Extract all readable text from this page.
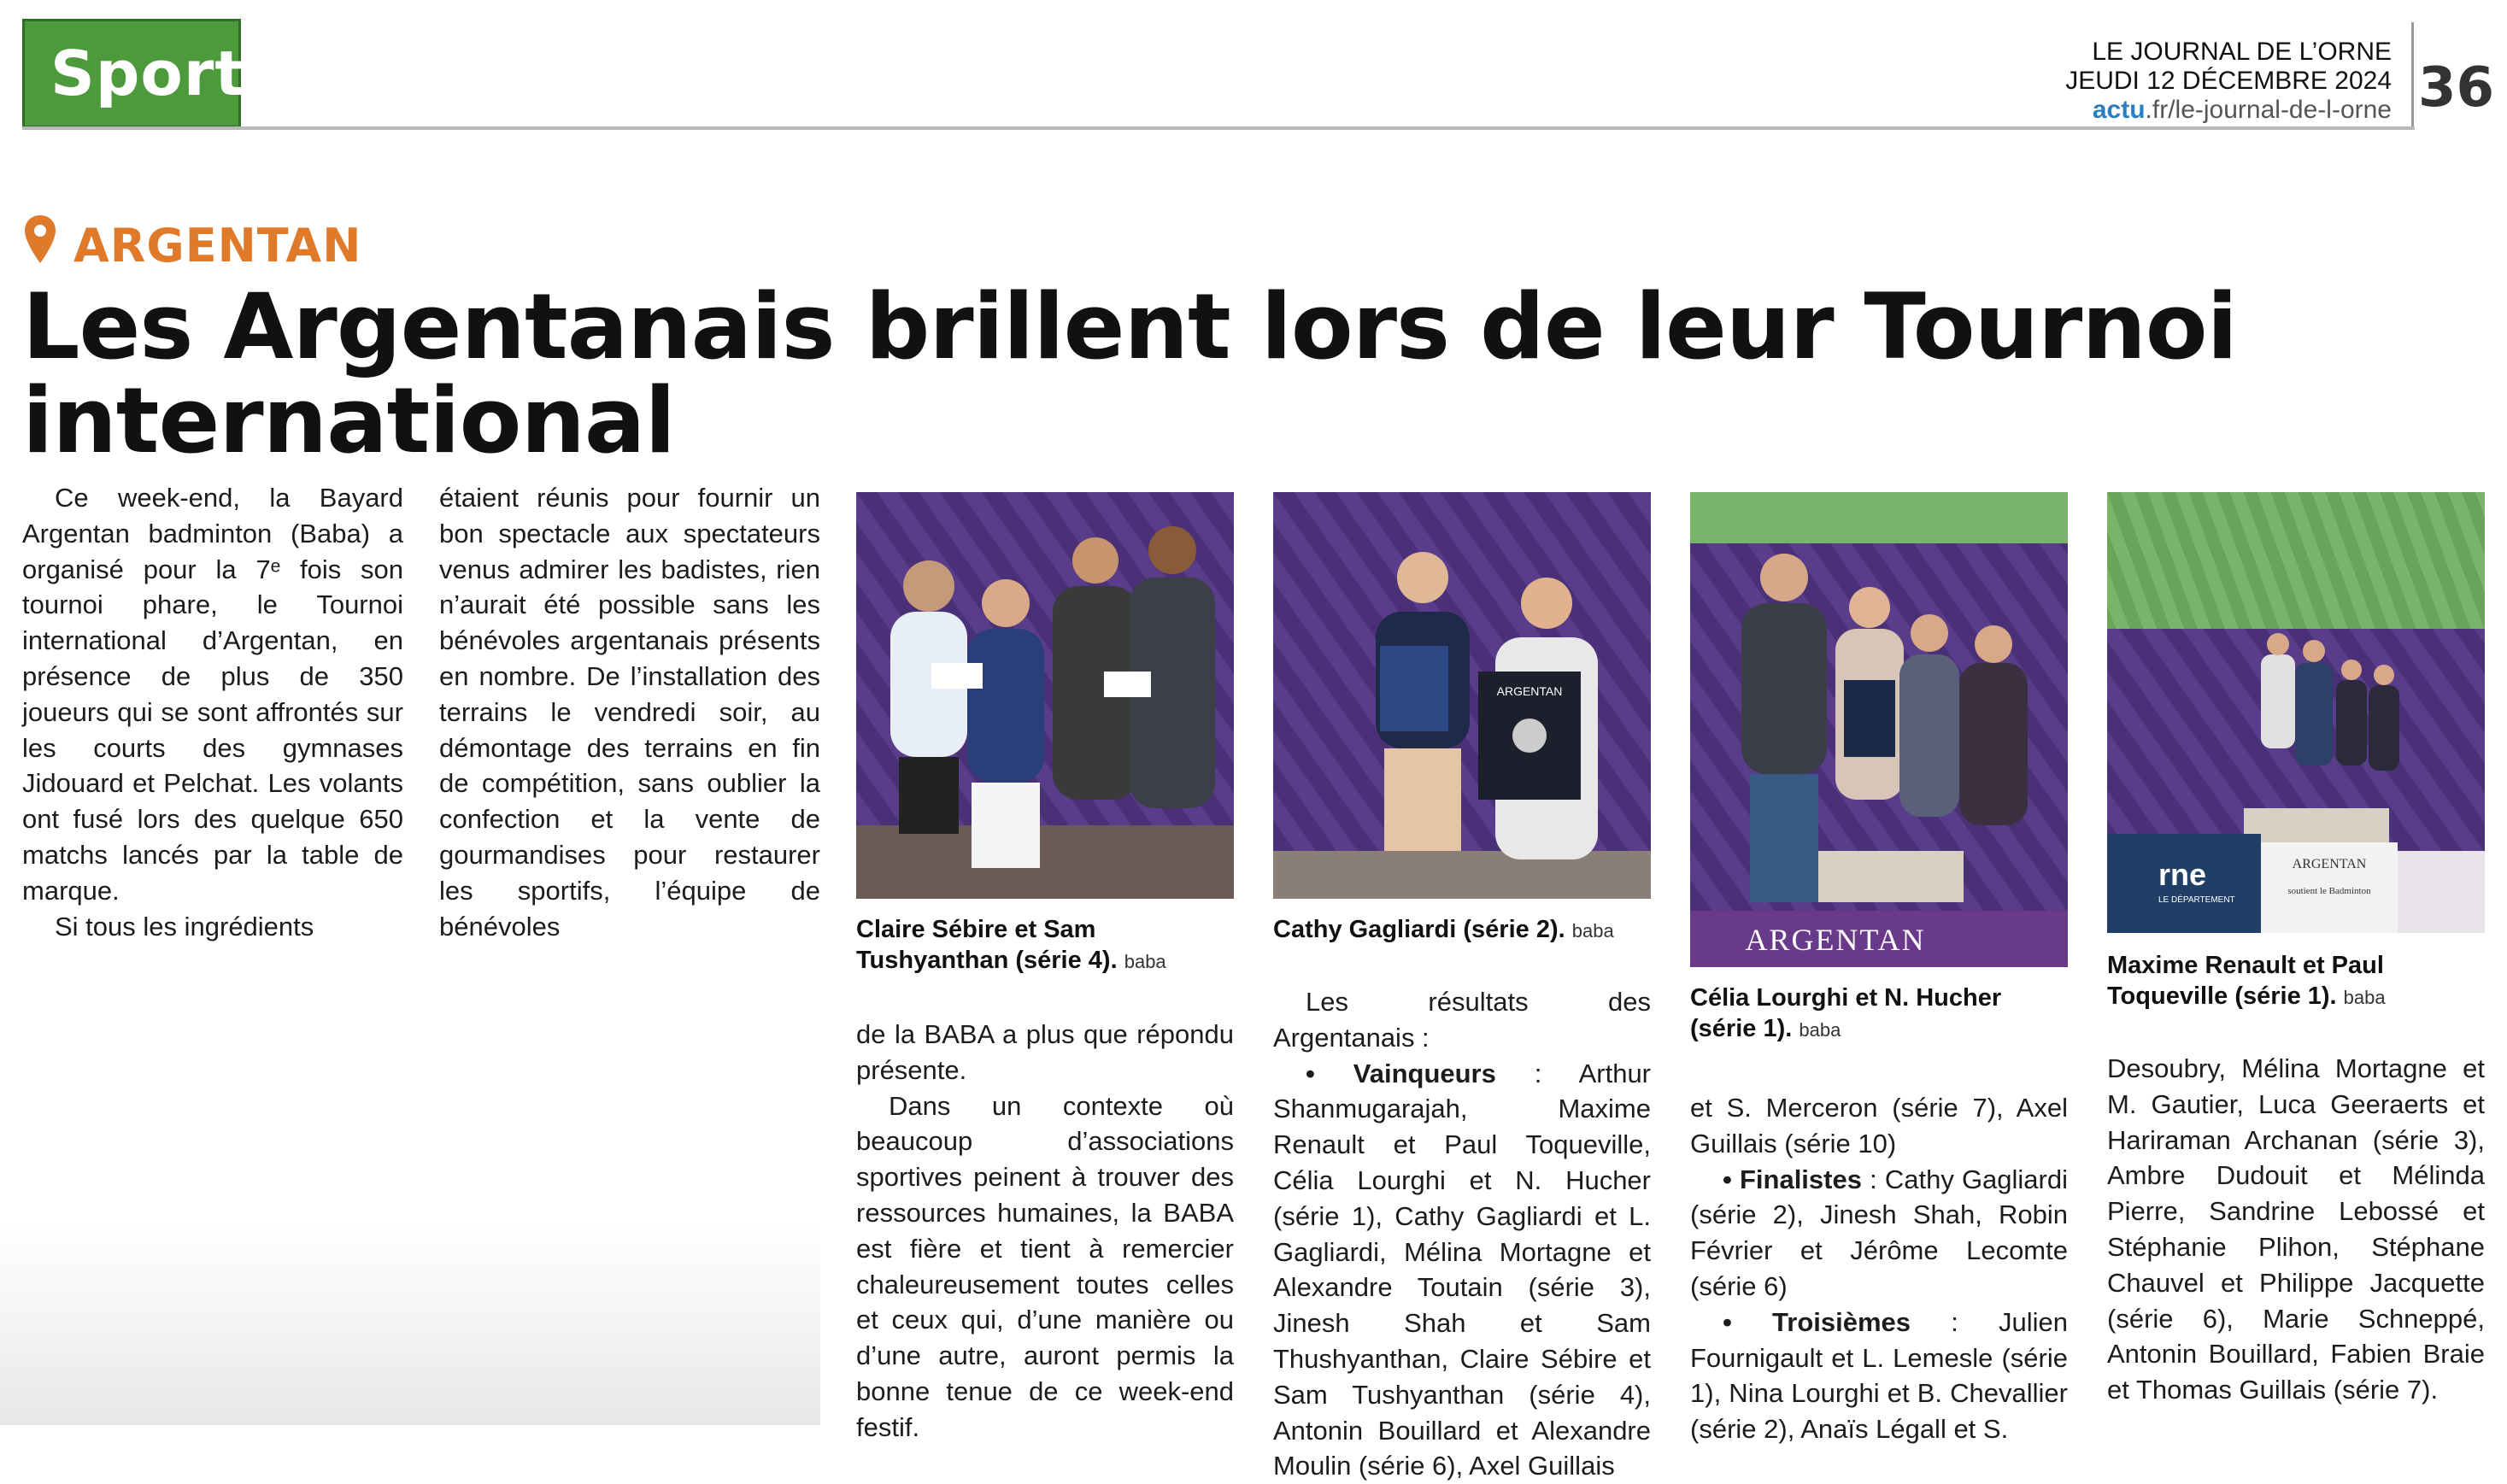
Sport	LE JOURNAL DE L’ORNE
JEUDI 12 DÉCEMBRE 2024
actu.fr/le-journal-de-l-orne 36
ARGENTAN
Les Argentanais brillent lors de leur Tournoi international

Ce week-end, la Bayard Argentan badminton (Baba) a organisé pour la 7ᵉ fois son tournoi phare, le Tournoi international d’Argentan, en présence de plus de 350 joueurs qui se sont affrontés sur les courts des gymnases Jidouard et Pelchat. Les volants ont fusé lors des quelque 650 matchs lancés par la table de marque.

Si tous les ingrédients

étaient réunis pour fournir un bon spectacle aux spectateurs venus admirer les badistes, rien n’aurait été possible sans les bénévoles argentanais présents en nombre. De l’installation des terrains le vendredi soir, au démontage des terrains en fin de compétition, sans oublier la confection et la vente de gourmandises pour restaurer les sportifs, l’équipe de bénévoles	Claire Sébire et Sam Tushyanthan (série 4). baba

de la BABA a plus que répondu présente.

Dans un contexte où beaucoup d’associations sportives peinent à trouver des ressources humaines, la BABA est fière et tient à remercier chaleureusement toutes celles et ceux qui, d’une manière ou d’une autre, auront permis la bonne tenue de ce week-end festif.

ARGENTAN
Cathy Gagliardi (série 2). baba

Les résultats des Argentanais :

• Vainqueurs : Arthur Shanmugarajah, Maxime Renault et Paul Toqueville, Célia Lourghi et N. Hucher (série 1), Cathy Gagliardi et L. Gagliardi, Mélina Mortagne et Alexandre Toutain (série 3), Jinesh Shah et Sam Thushyanthan, Claire Sébire et Sam Tushyanthan (série 4), Antonin Bouillard et Alexandre Moulin (série 6), Axel Guillais

ARGENTAN
Célia Lourghi et N. Hucher (série 1). baba

et S. Merceron (série 7), Axel Guillais (série 10)

• Finalistes : Cathy Gagliardi (série 2), Jinesh Shah, Robin Février et Jérôme Lecomte (série 6)

• Troisièmes : Julien Fournigault et L. Lemesle (série 1), Nina Lourghi et B. Chevallier (série 2), Anaïs Légall et S.

rne
LE DÉPARTEMENT
ARGENTAN
soutient le Badminton
Maxime Renault et Paul Toqueville (série 1). baba

Desoubry, Mélina Mortagne et M. Gautier, Luca Geeraerts et Hariraman Archanan (série 3), Ambre Dudouit et Mélinda Pierre, Sandrine Lebossé et Stéphanie Plihon, Stéphane Chauvel et Philippe Jacquette (série 6), Marie Schneppé, Antonin Bouillard, Fabien Braie et Thomas Guillais (série 7).
